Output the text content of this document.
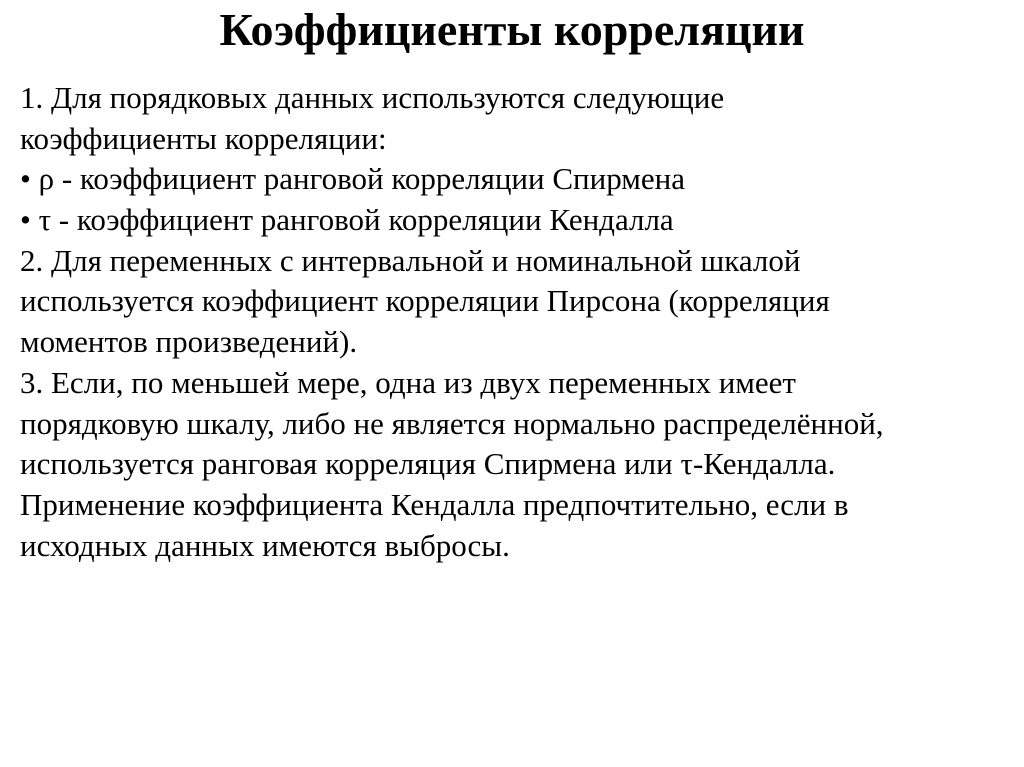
Коэффициенты корреляции
1. Для порядковых данных используются следующие
коэффициенты корреляции:
• ρ - коэффициент ранговой корреляции Спирмена
• τ - коэффициент ранговой корреляции Кендалла
2. Для переменных с интервальной и номинальной шкалой
используется коэффициент корреляции Пирсона (корреляция
моментов произведений).
3. Если, по меньшей мере, одна из двух переменных имеет
порядковую шкалу, либо не является нормально распределённой,
используется ранговая корреляция Спирмена или τ-Кендалла.
Применение коэффициента Кендалла предпочтительно, если в
исходных данных имеются выбросы.
